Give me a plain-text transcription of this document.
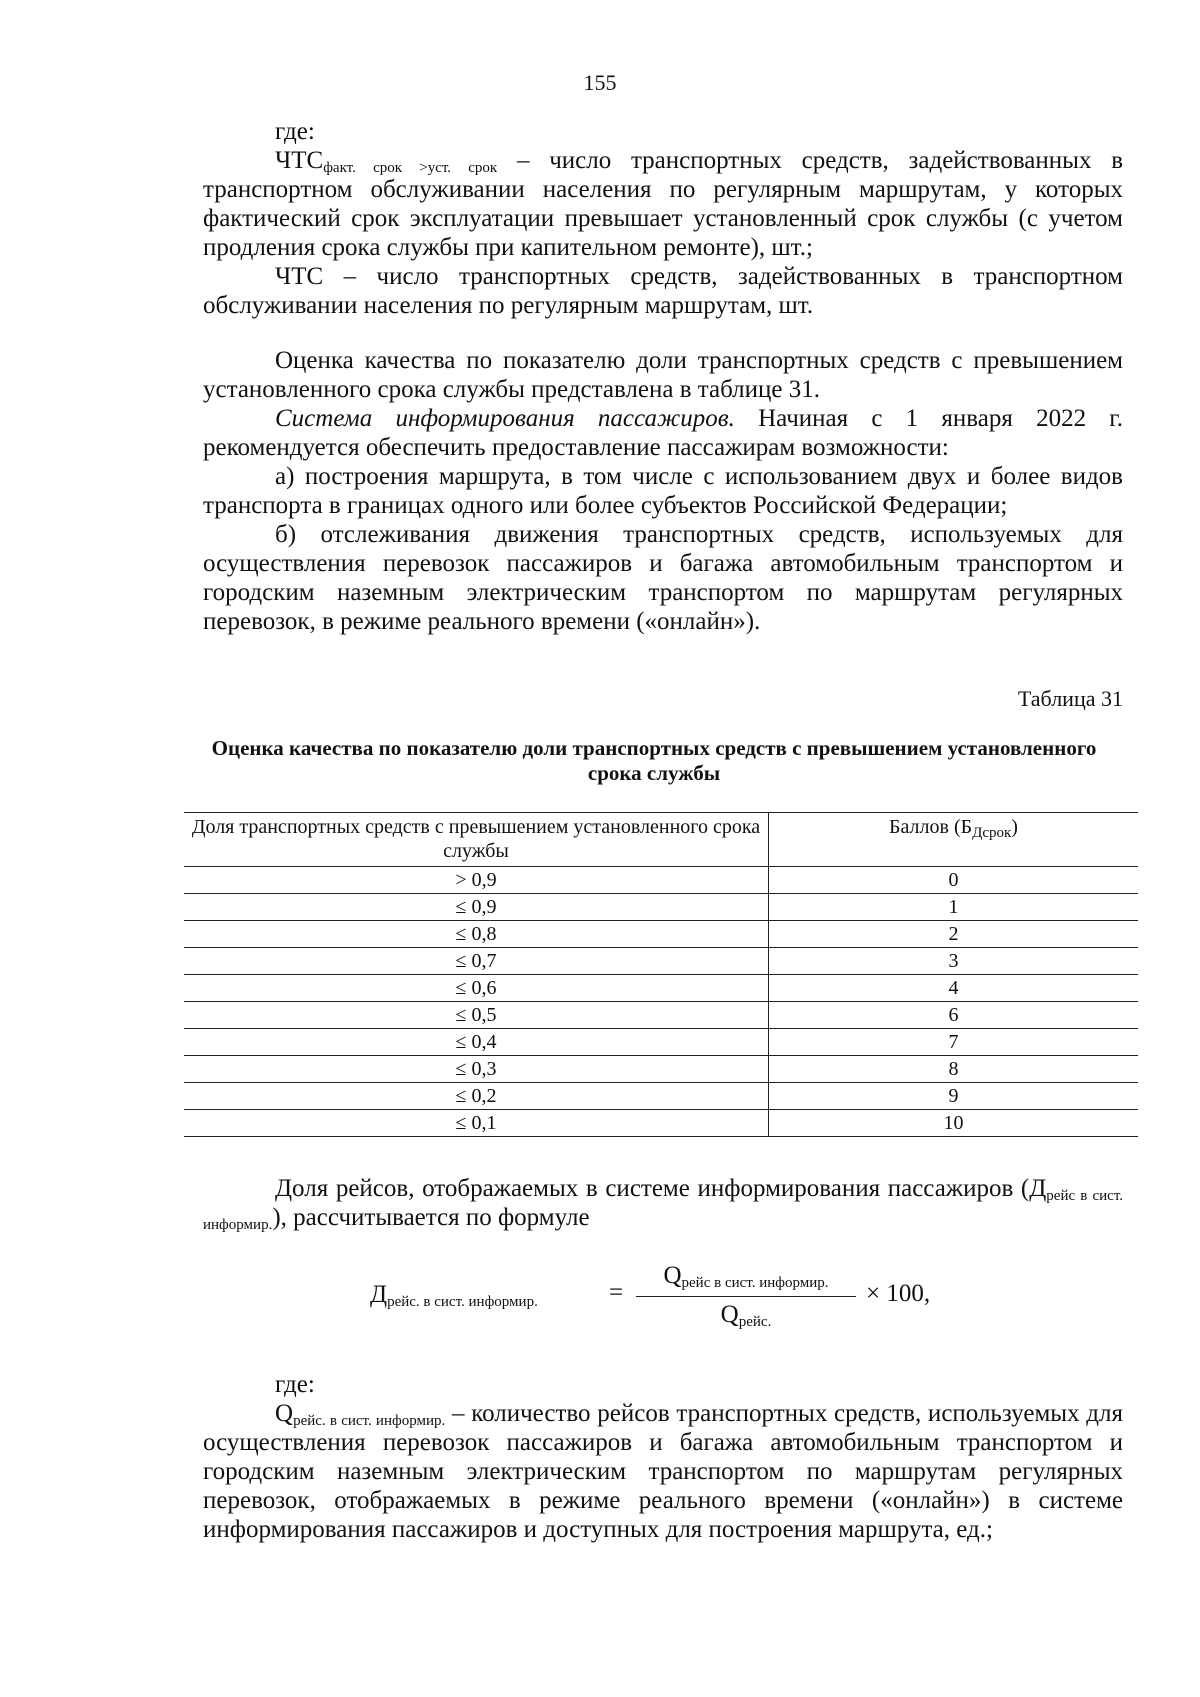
155

где:

$ЧТС_{факт. срок >уст. срок}$ – число транспортных средств, задействованных в транспортном обслуживании населения по регулярным маршрутам, у которых фактический срок эксплуатации превышает установленный срок службы (с учетом продления срока службы при капительном ремонте), шт.;

ЧТС – число транспортных средств, задействованных в транспортном обслуживании населения по регулярным маршрутам, шт.

Оценка качества по показателю доли транспортных средств с превышением установленного срока службы представлена в таблице 31.

Система информирования пассажиров. Начиная с 1 января 2022 г. рекомендуется обеспечить предоставление пассажирам возможности:

а) построения маршрута, в том числе с использованием двух и более видов транспорта в границах одного или более субъектов Российской Федерации;

б) отслеживания движения транспортных средств, используемых для осуществления перевозок пассажиров и багажа автомобильным транспортом и городским наземным электрическим транспортом по маршрутам регулярных перевозок, в режиме реального времени («онлайн»).

Таблица 31
Оценка качества по показателю доли транспортных средств с превышением установленного срока службы
Доля транспортных средств с превышением установленного срока службы	Баллов $(Б_{Дсрок})$
> 0,9	0
≤ 0,9	1
≤ 0,8	2
≤ 0,7	3
≤ 0,6	4
≤ 0,5	6
≤ 0,4	7
≤ 0,3	8
≤ 0,2	9
≤ 0,1	10

Доля рейсов, отображаемых в системе информирования пассажиров $(Д_{рейс в сист. информир.})$, рассчитывается по формуле

$Д_{рейс. в сист. информир.}$	=
$Q_{рейс в сист. информир.}$
$Q_{рейс.}$
× 100,

где:

$Q_{рейс. в сист. информир.}$ – количество рейсов транспортных средств, используемых для осуществления перевозок пассажиров и багажа автомобильным транспортом и городским наземным электрическим транспортом по маршрутам регулярных перевозок, отображаемых в режиме реального времени («онлайн») в системе информирования пассажиров и доступных для построения маршрута, ед.;
